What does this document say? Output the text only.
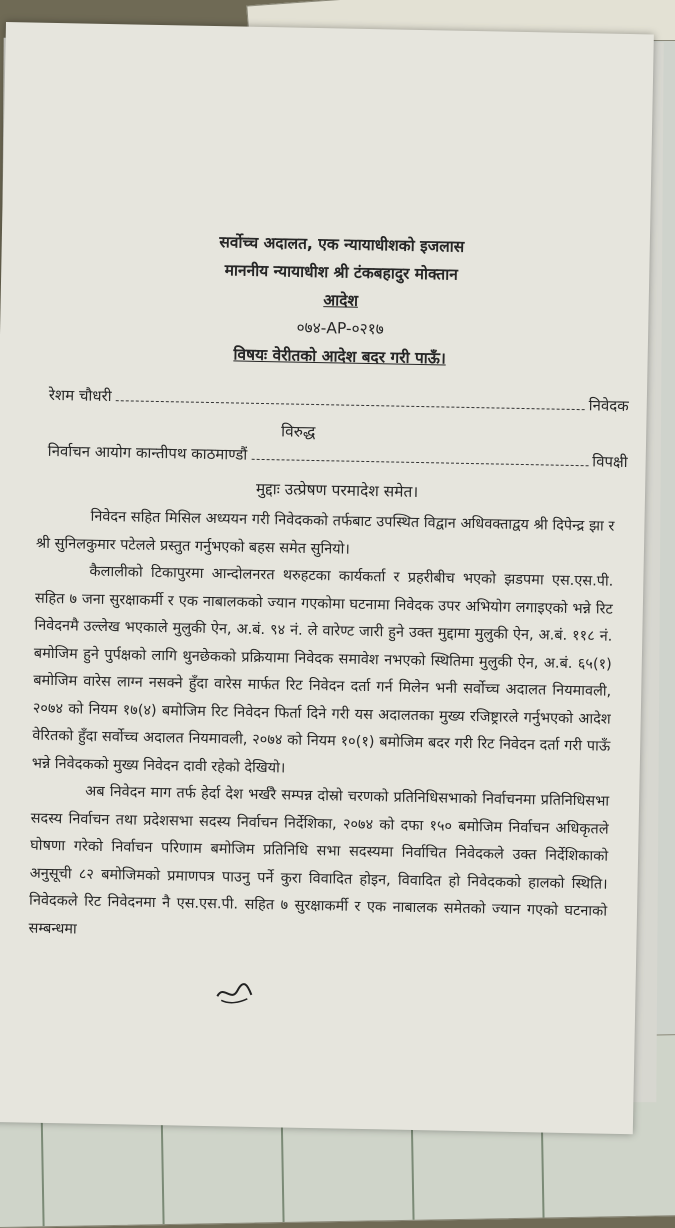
सर्वोच्च अदालत, एक न्यायाधीशको इजलास
माननीय न्यायाधीश श्री टंकबहादुर मोक्तान
आदेश
०७४-AP-०२१७
विषयः वेरीतको आदेश बदर गरी पाऊँ।
रेशम चौधरी
निवेदक
विरुद्ध
निर्वाचन आयोग कान्तीपथ काठमाण्डौं	विपक्षी
मुद्दाः उत्प्रेषण परमादेश समेत।

निवेदन सहित मिसिल अध्ययन गरी निवेदकको तर्फबाट उपस्थित विद्वान अधिवक्ताद्वय श्री दिपेन्द्र झा र श्री सुनिलकुमार पटेलले प्रस्तुत गर्नुभएको बहस समेत सुनियो।

कैलालीको टिकापुरमा आन्दोलनरत थरुहटका कार्यकर्ता र प्रहरीबीच भएको झडपमा एस.एस.पी. सहित ७ जना सुरक्षाकर्मी र एक नाबालकको ज्यान गएकोमा घटनामा निवेदक उपर अभियोग लगाइएको भन्ने रिट निवेदनमै उल्लेख भएकाले मुलुकी ऐन, अ.बं. ९४ नं. ले वारेण्ट जारी हुने उक्त मुद्दामा मुलुकी ऐन, अ.बं. ११८ नं. बमोजिम हुने पुर्पक्षको लागि थुनछेकको प्रक्रियामा निवेदक समावेश नभएको स्थितिमा मुलुकी ऐन, अ.बं. ६५(१) बमोजिम वारेस लाग्न नसक्ने हुँदा वारेस मार्फत रिट निवेदन दर्ता गर्न मिलेन भनी सर्वोच्च अदालत नियमावली, २०७४ को नियम १७(४) बमोजिम रिट निवेदन फिर्ता दिने गरी यस अदालतका मुख्य रजिष्ट्रारले गर्नुभएको आदेश वेरितको हुँदा सर्वोच्च अदालत नियमावली, २०७४ को नियम १०(१) बमोजिम बदर गरी रिट निवेदन दर्ता गरी पाऊँ भन्ने निवेदकको मुख्य निवेदन दावी रहेको देखियो।

अब निवेदन माग तर्फ हेर्दा देश भर्खरै सम्पन्न दोस्रो चरणको प्रतिनिधिसभाको निर्वाचनमा प्रतिनिधिसभा सदस्य निर्वाचन तथा प्रदेशसभा सदस्य निर्वाचन निर्देशिका, २०७४ को दफा १५० बमोजिम निर्वाचन अधिकृतले घोषणा गरेको निर्वाचन परिणाम बमोजिम प्रतिनिधि सभा सदस्यमा निर्वाचित निवेदकले उक्त निर्देशिकाको अनुसूची ८२ बमोजिमको प्रमाणपत्र पाउनु पर्ने कुरा विवादित होइन, विवादित हो निवेदकको हालको स्थिति। निवेदकले रिट निवेदनमा नै एस.एस.पी. सहित ७ सुरक्षाकर्मी र एक नाबालक समेतको ज्यान गएको घटनाको सम्बन्धमा
